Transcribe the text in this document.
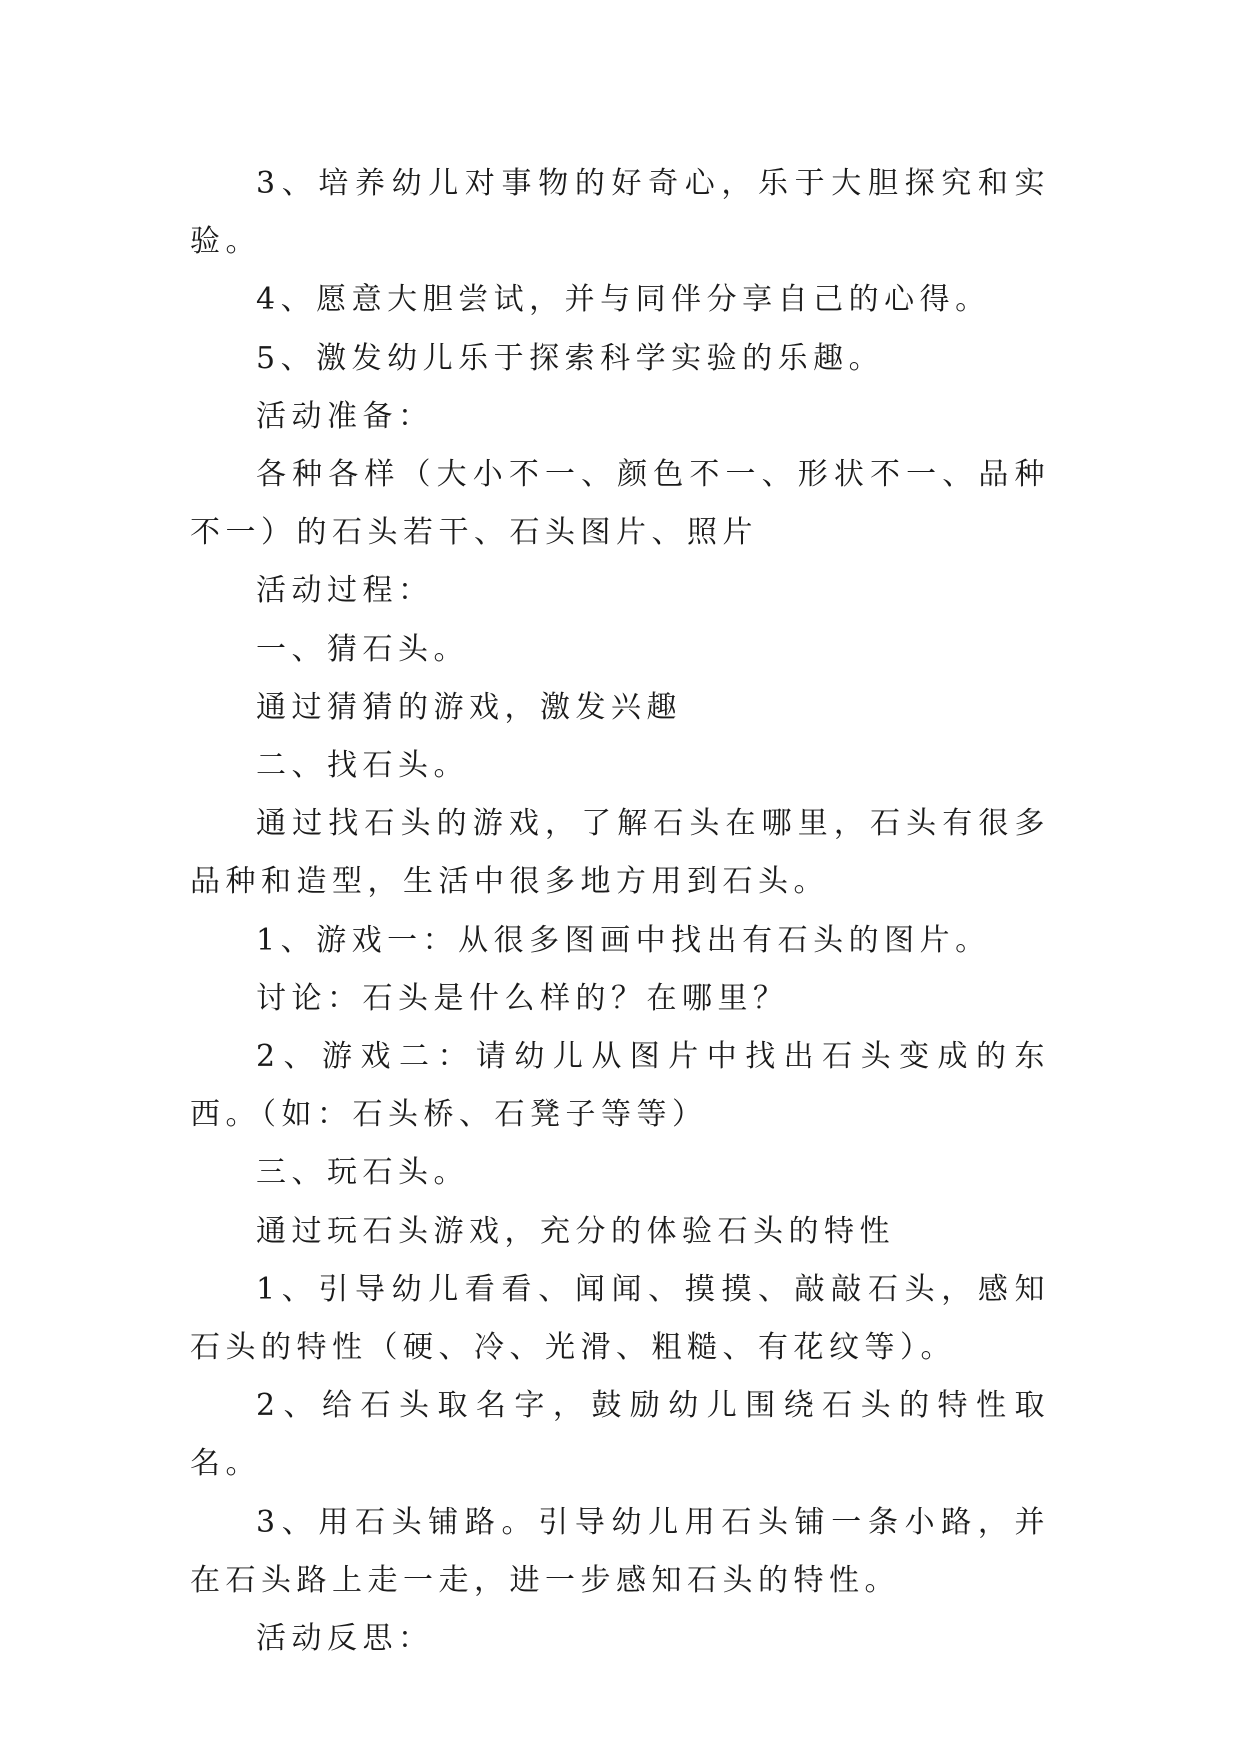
3、培养幼儿对事物的好奇心，乐于大胆探究和实验。

4、愿意大胆尝试，并与同伴分享自己的心得。

5、激发幼儿乐于探索科学实验的乐趣。

活动准备：

各种各样（大小不一、颜色不一、形状不一、品种不一）的石头若干、石头图片、照片

活动过程：

一、猜石头。

通过猜猜的游戏，激发兴趣

二、找石头。

通过找石头的游戏，了解石头在哪里，石头有很多品种和造型，生活中很多地方用到石头。

1、游戏一：从很多图画中找出有石头的图片。

讨论：石头是什么样的？在哪里？

2、游戏二：请幼儿从图片中找出石头变成的东西。（如：石头桥、石凳子等等）

三、玩石头。

通过玩石头游戏，充分的体验石头的特性

1、引导幼儿看看、闻闻、摸摸、敲敲石头，感知石头的特性（硬、冷、光滑、粗糙、有花纹等）。

2、给石头取名字，鼓励幼儿围绕石头的特性取名。

3、用石头铺路。引导幼儿用石头铺一条小路，并在石头路上走一走，进一步感知石头的特性。

活动反思：
